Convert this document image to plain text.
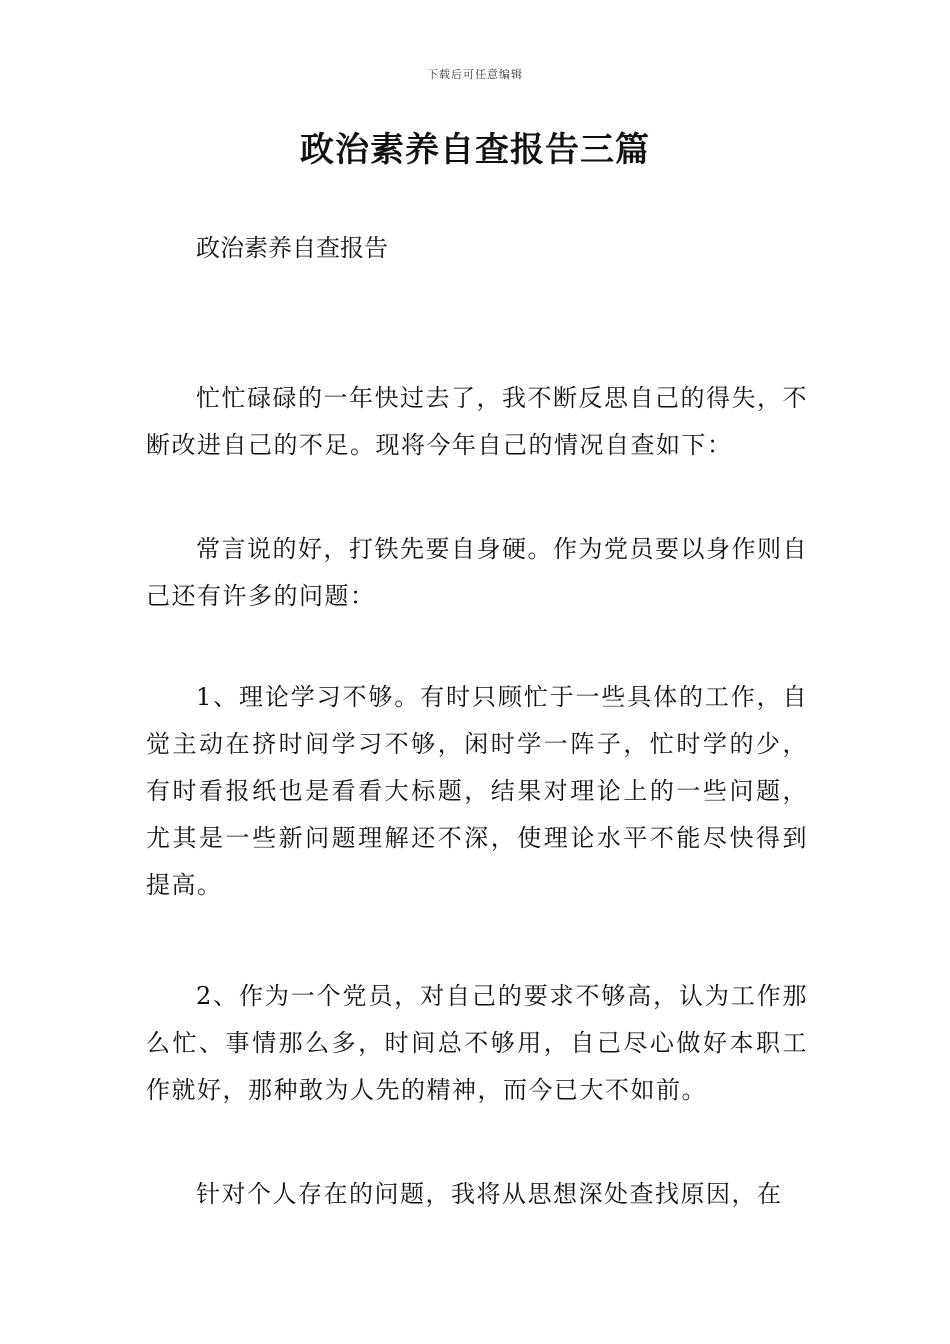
下载后可任意编辑
政治素养自查报告三篇

政治素养自查报告

忙忙碌碌的一年快过去了，我不断反思自己的得失，不断改进自己的不足。现将今年自己的情况自查如下：

常言说的好，打铁先要自身硬。作为党员要以身作则自己还有许多的问题：

1、理论学习不够。有时只顾忙于一些具体的工作，自觉主动在挤时间学习不够，闲时学一阵子，忙时学的少，有时看报纸也是看看大标题，结果对理论上的一些问题，尤其是一些新问题理解还不深，使理论水平不能尽快得到提高。

2、作为一个党员，对自己的要求不够高，认为工作那么忙、事情那么多，时间总不够用，自己尽心做好本职工作就好，那种敢为人先的精神，而今已大不如前。

针对个人存在的问题，我将从思想深处查找原因，在
